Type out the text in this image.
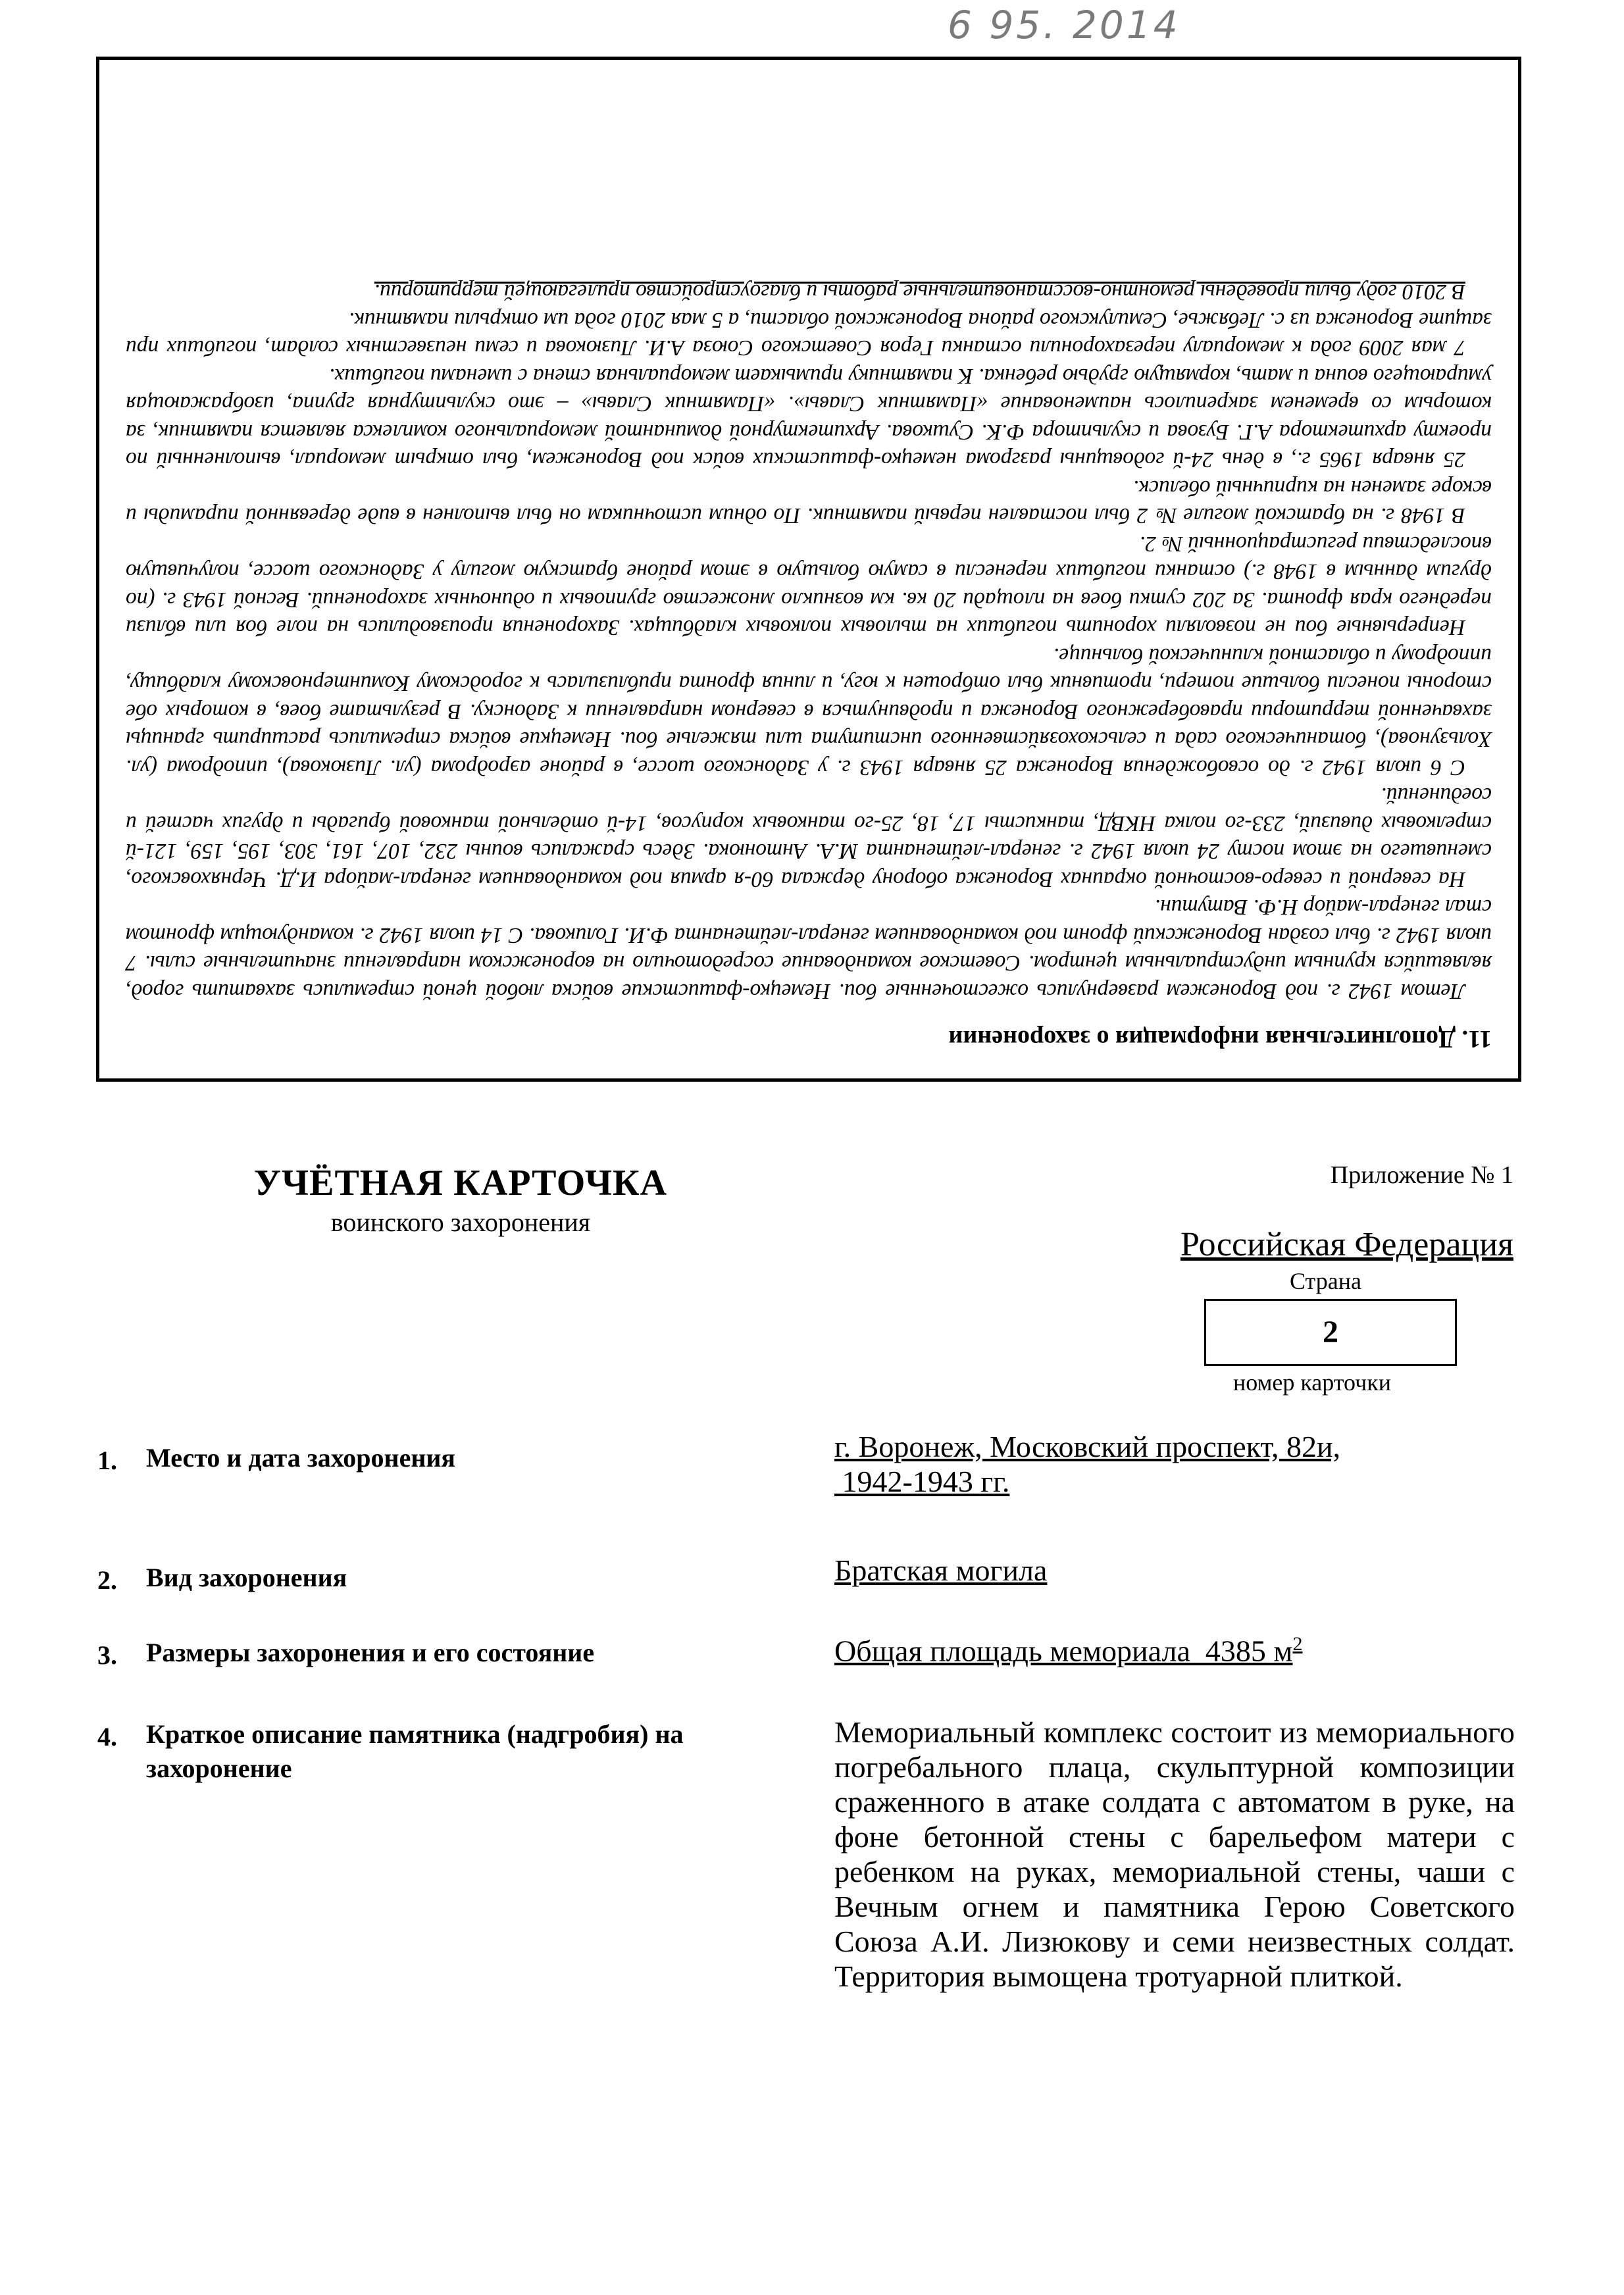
6 95. 2014
11. Дополнительная информация о захоронении

Летом 1942 г. под Воронежем развернулись ожесточенные бои. Немецко-фашистские войска любой ценой стремились захватить город, являвшийся крупным индустриальным центром. Советское командование сосредоточило на воронежском направлении значительные силы. 7 июля 1942 г. был создан Воронежский фронт под командованием генерал-лейтенанта Ф.И. Голикова. С 14 июля 1942 г. командующим фронтом стал генерал-майор Н.Ф. Ватутин.

На северной и северо-восточной окраинах Воронежа оборону держала 60-я армия под командованием генерал-майора И.Д. Черняховского, сменившего на этом посту 24 июля 1942 г. генерал-лейтенанта М.А. Антонюка. Здесь сражались воины 232, 107, 161, 303, 195, 159, 121-й стрелковых дивизий, 233-го полка НКВД, танкисты 17, 18, 25-го танковых корпусов, 14-й отдельной танковой бригады и других частей и соединений.

С 6 июля 1942 г. до освобождения Воронежа 25 января 1943 г. у Задонского шоссе, в районе аэродрома (ул. Лизюкова), ипподрома (ул. Хользунова), ботанического сада и сельскохозяйственного института шли тяжелые бои. Немецкие войска стремились расширить границы захваченной территории правобережного Воронежа и продвинуться в северном направлении к Задонску. В результате боев, в которых обе стороны понесли большие потери, противник был отброшен к югу, и линия фронта приблизилась к городскому Коминтерновскому кладбищу, ипподрому и областной клинической больнице.

Непрерывные бои не позволяли хоронить погибших на тыловых полковых кладбищах. Захоронения производились на поле боя или вблизи переднего края фронта. За 202 сутки боев на площади 20 кв. км возникло множество групповых и одиночных захоронений. Весной 1943 г. (по другим данным в 1948 г.) останки погибших перенесли в самую большую в этом районе братскую могилу у Задонского шоссе, получившую впоследствии регистрационный № 2.

В 1948 г. на братской могиле № 2 был поставлен первый памятник. По одним источникам он был выполнен в виде деревянной пирамиды и вскоре заменен на кирпичный обелиск.

25 января 1965 г., в день 24-й годовщины разгрома немецко-фашистских войск под Воронежем, был открыт мемориал, выполненный по проекту архитектора А.Г. Бузова и скульптора Ф.К. Сушкова. Архитектурной доминантой мемориального комплекса является памятник, за которым со временем закрепилось наименование «Памятник Славы». «Памятник Славы» – это скульптурная группа, изображающая умирающего воина и мать, кормящую грудью ребенка. К памятнику примыкает мемориальная стена с именами погибших.

7 мая 2009 года к мемориалу перезахоронили останки Героя Советского Союза А.И. Лизюкова и семи неизвестных солдат, погибших при защите Воронежа из с. Лебяжье, Семилукского района Воронежской области, а 5 мая 2010 года им открыли памятник.

В 2010 году были проведены ремонтно-восстановительные работы и благоустройство прилегающей территории.

УЧЁТНАЯ КАРТОЧКА
воинского захоронения
Приложение № 1
Российская Федерация
Страна
2
номер карточки
1. Место и дата захоронения	г. Воронеж, Московский проспект, 82и,
1942-1943 гг.
2. Вид захоронения	Братская могила
3. Размеры захоронения и его состояние	Общая площадь мемориала  4385 $м^2$
4. Краткое описание памятника (надгробия) на захоронение
Мемориальный комплекс состоит из мемориального погребального плаца, скульптурной композиции сраженного в атаке солдата с автоматом в руке, на фоне бетонной стены с барельефом матери с ребенком на руках, мемориальной стены, чаши с Вечным огнем и памятника Герою Советского Союза А.И. Лизюкову и семи неизвестных солдат. Территория вымощена тротуарной плиткой.
